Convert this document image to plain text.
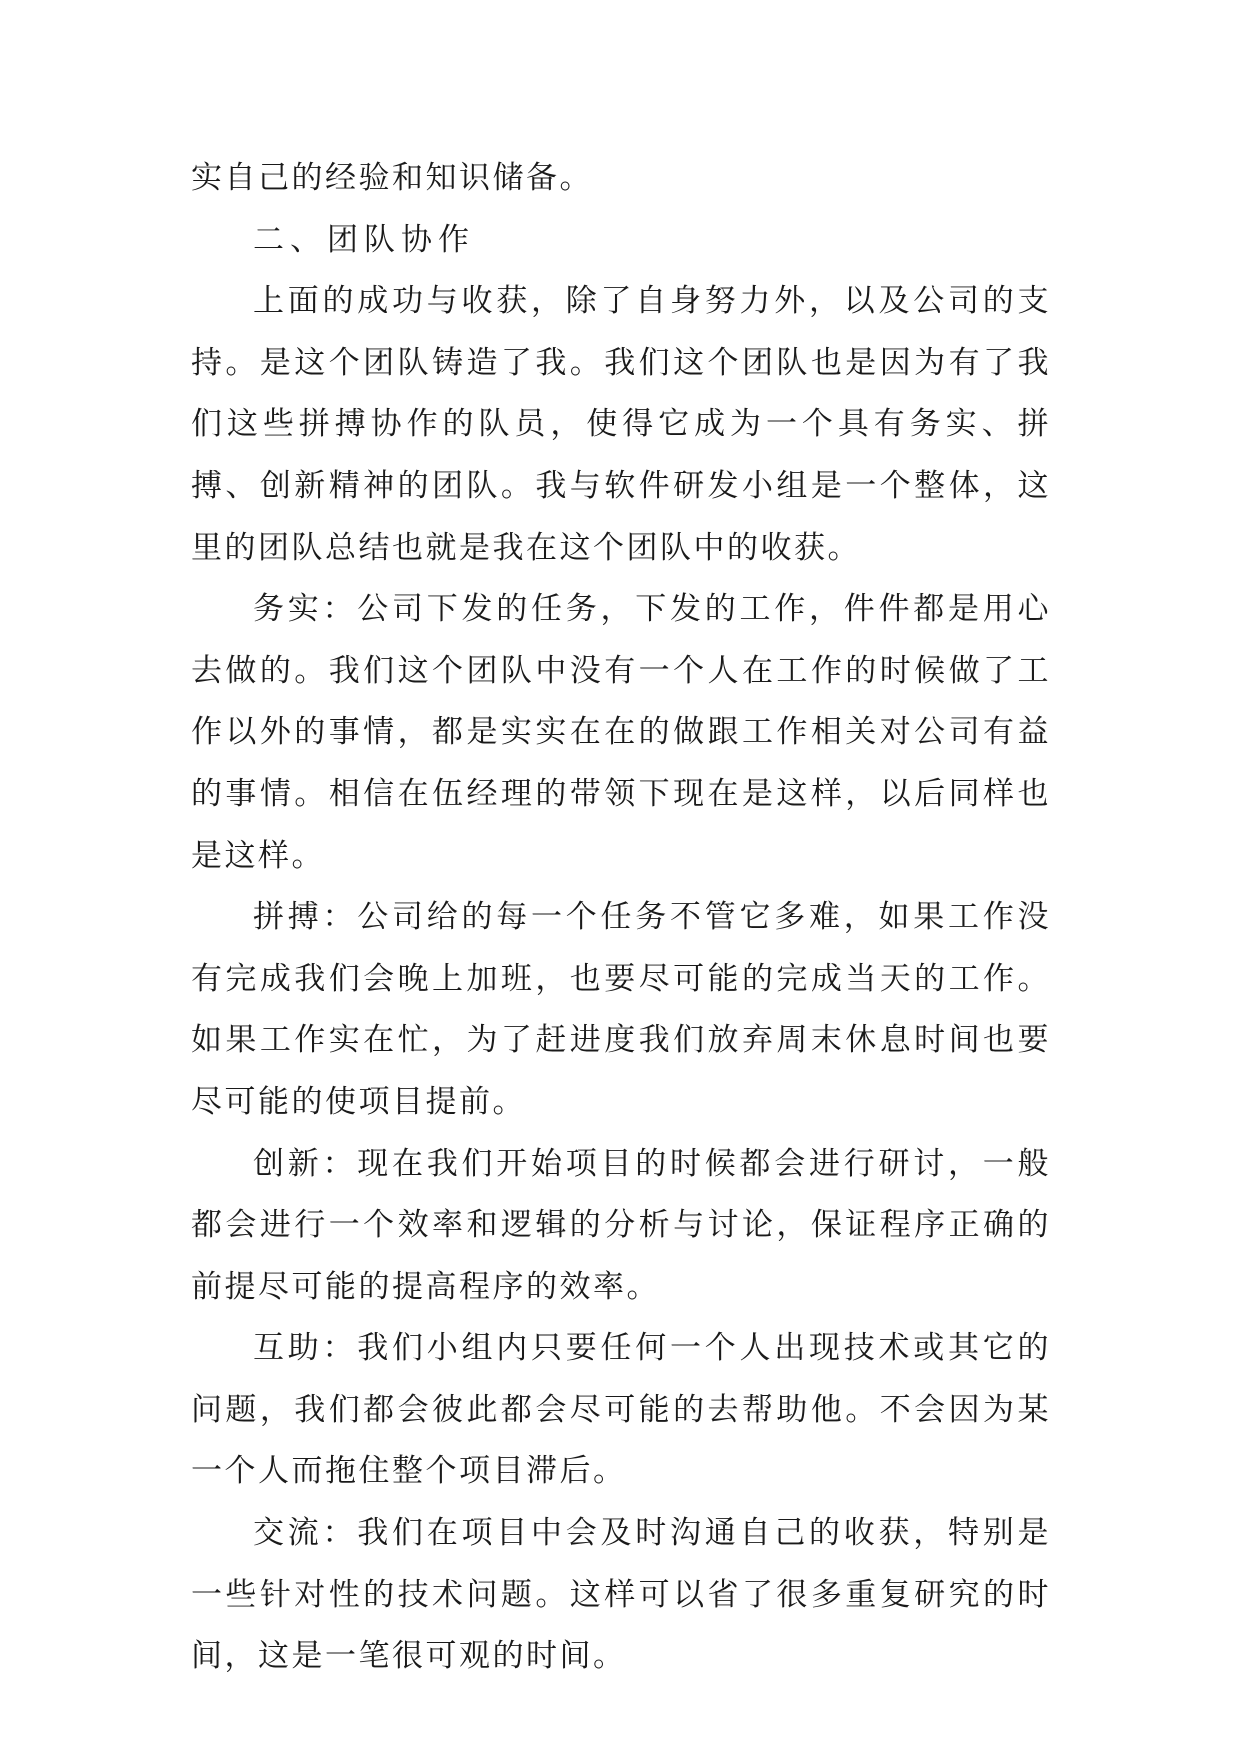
实自己的经验和知识储备。

二、团队协作

上面的成功与收获，除了自身努力外，以及公司的支持。是这个团队铸造了我。我们这个团队也是因为有了我们这些拼搏协作的队员，使得它成为一个具有务实、拼搏、创新精神的团队。我与软件研发小组是一个整体，这里的团队总结也就是我在这个团队中的收获。

务实：公司下发的任务，下发的工作，件件都是用心去做的。我们这个团队中没有一个人在工作的时候做了工作以外的事情，都是实实在在的做跟工作相关对公司有益的事情。相信在伍经理的带领下现在是这样，以后同样也是这样。

拼搏：公司给的每一个任务不管它多难，如果工作没有完成我们会晚上加班，也要尽可能的完成当天的工作。如果工作实在忙，为了赶进度我们放弃周末休息时间也要尽可能的使项目提前。

创新：现在我们开始项目的时候都会进行研讨，一般都会进行一个效率和逻辑的分析与讨论，保证程序正确的前提尽可能的提高程序的效率。

互助：我们小组内只要任何一个人出现技术或其它的问题，我们都会彼此都会尽可能的去帮助他。不会因为某一个人而拖住整个项目滞后。

交流：我们在项目中会及时沟通自己的收获，特别是一些针对性的技术问题。这样可以省了很多重复研究的时间，这是一笔很可观的时间。
